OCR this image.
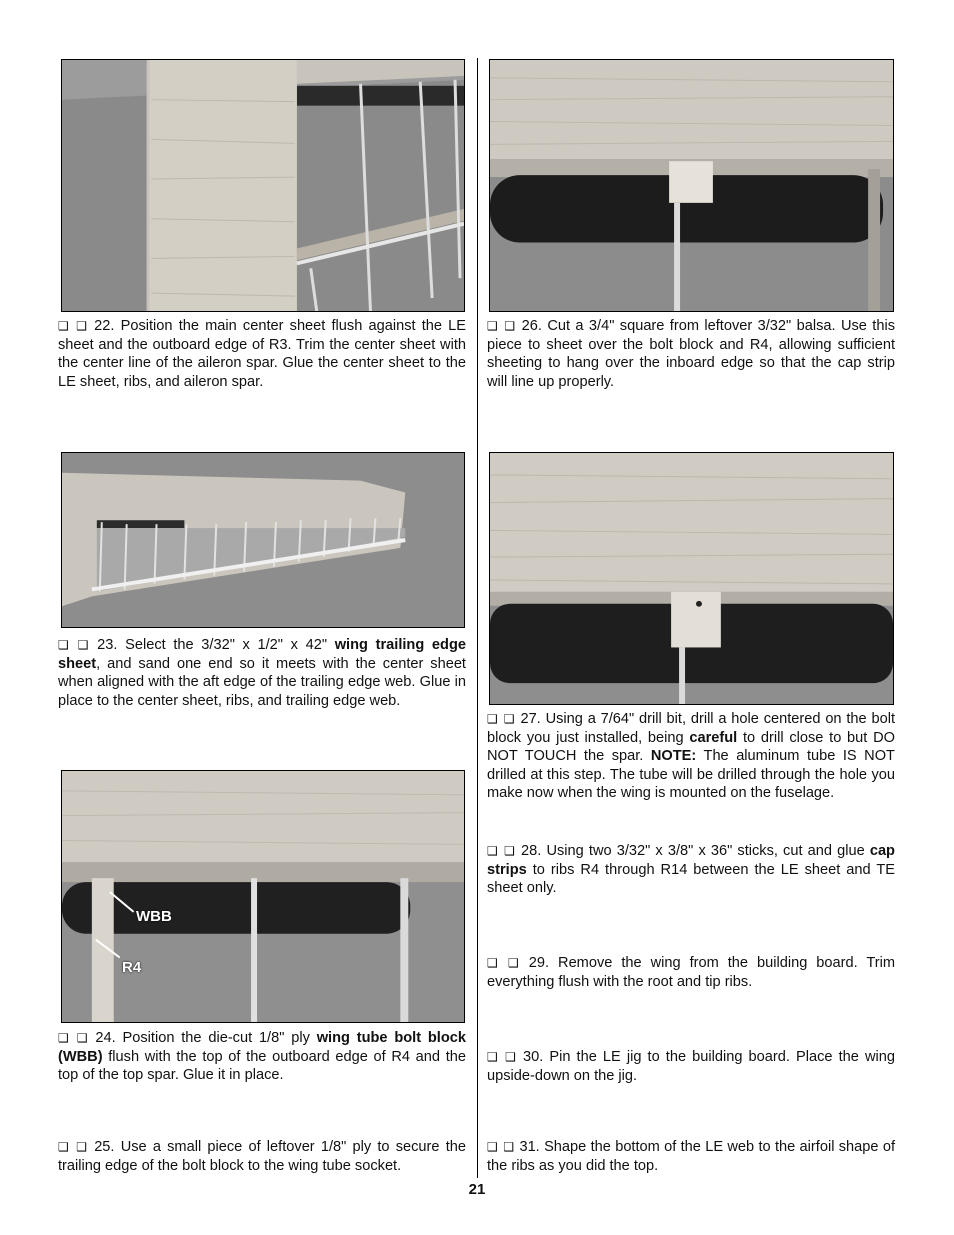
❑ ❑ 22. Position the main center sheet flush against the LE sheet and the outboard edge of R3. Trim the center sheet with the center line of the aileron spar. Glue the center sheet to the LE sheet, ribs, and aileron spar.

❑ ❑ 23. Select the 3/32" x 1/2" x 42" wing trailing edge sheet, and sand one end so it meets with the center sheet when aligned with the aft edge of the trailing edge web. Glue in place to the center sheet, ribs, and trailing edge web.

WBB
R4

❑ ❑ 24. Position the die-cut 1/8" ply wing tube bolt block (WBB) flush with the top of the outboard edge of R4 and the top of the top spar. Glue it in place.

❑ ❑ 25. Use a small piece of leftover 1/8" ply to secure the trailing edge of the bolt block to the wing tube socket.

❑ ❑ 26. Cut a 3/4" square from leftover 3/32" balsa. Use this piece to sheet over the bolt block and R4, allowing sufficient sheeting to hang over the inboard edge so that the cap strip will line up properly.

❑ ❑ 27. Using a 7/64" drill bit, drill a hole centered on the bolt block you just installed, being careful to drill close to but DO NOT TOUCH the spar. NOTE: The aluminum tube IS NOT drilled at this step. The tube will be drilled through the hole you make now when the wing is mounted on the fuselage.

❑ ❑ 28. Using two 3/32" x 3/8" x 36" sticks, cut and glue cap strips to ribs R4 through R14 between the LE sheet and TE sheet only.

❑ ❑ 29. Remove the wing from the building board. Trim everything flush with the root and tip ribs.

❑ ❑ 30. Pin the LE jig to the building board. Place the wing upside-down on the jig.

❑ ❑ 31. Shape the bottom of the LE web to the airfoil shape of the ribs as you did the top.

21
